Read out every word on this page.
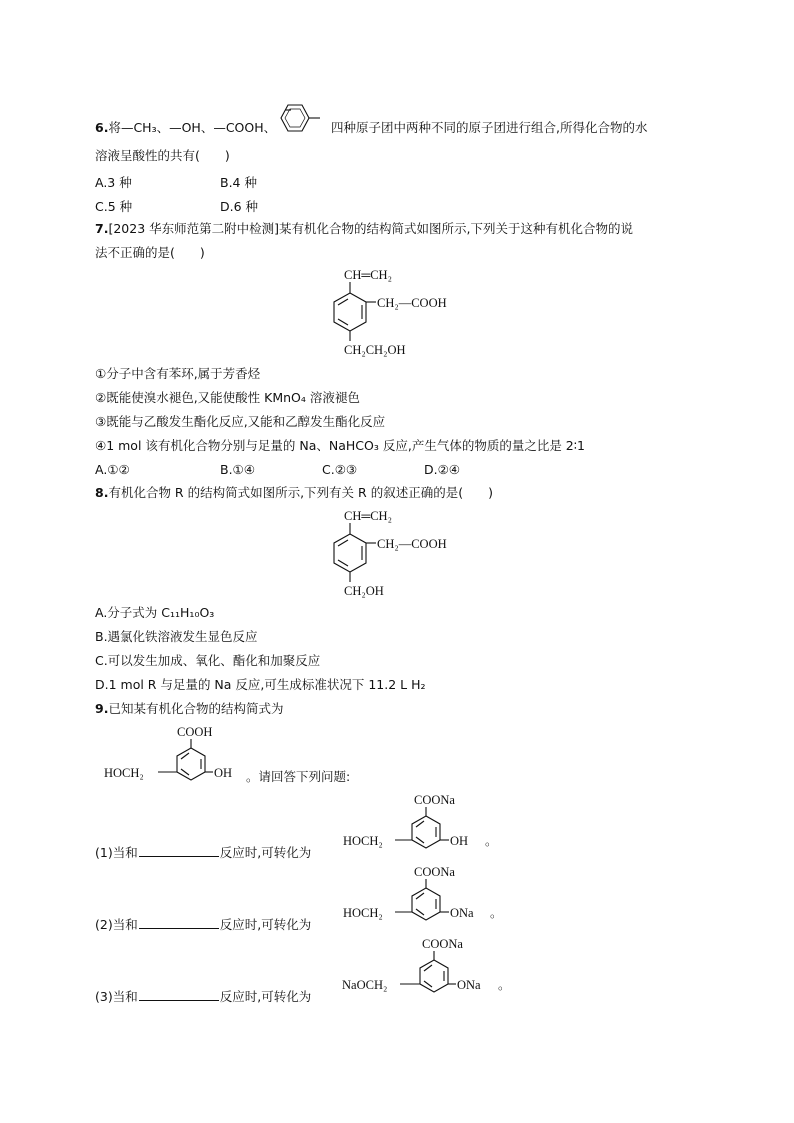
6.将—CH₃、—OH、—COOH、	四种原子团中两种不同的原子团进行组合,所得化合物的水
溶液呈酸性的共有(　　)
A.3 种	B.4 种
C.5 种	D.6 种
7.[2023 华东师范第二附中检测]某有机化合物的结构简式如图所示,下列关于这种有机化合物的说
法不正确的是(　　)
CH═CH₂
CH₂—COOH
CH₂CH₂OH
①分子中含有苯环,属于芳香烃
②既能使溴水褪色,又能使酸性 KMnO₄ 溶液褪色
③既能与乙酸发生酯化反应,又能和乙醇发生酯化反应
④1 mol 该有机化合物分别与足量的 Na、NaHCO₃ 反应,产生气体的物质的量之比是 2∶1
A.①②	B.①④	C.②③	D.②④
8.有机化合物 R 的结构简式如图所示,下列有关 R 的叙述正确的是(　　)
CH═CH₂
CH₂—COOH
CH₂OH
A.分子式为 C₁₁H₁₀O₃
B.遇氯化铁溶液发生显色反应
C.可以发生加成、氧化、酯化和加聚反应
D.1 mol R 与足量的 Na 反应,可生成标准状况下 11.2 L H₂
9.已知某有机化合物的结构简式为
COOH
HOCH₂	OH 。请回答下列问题:
(1)当和	反应时,可转化为
COONa
HOCH₂	OH 。
(2)当和	反应时,可转化为
COONa
HOCH₂	ONa 。
(3)当和	反应时,可转化为
COONa
NaOCH₂	ONa 。
